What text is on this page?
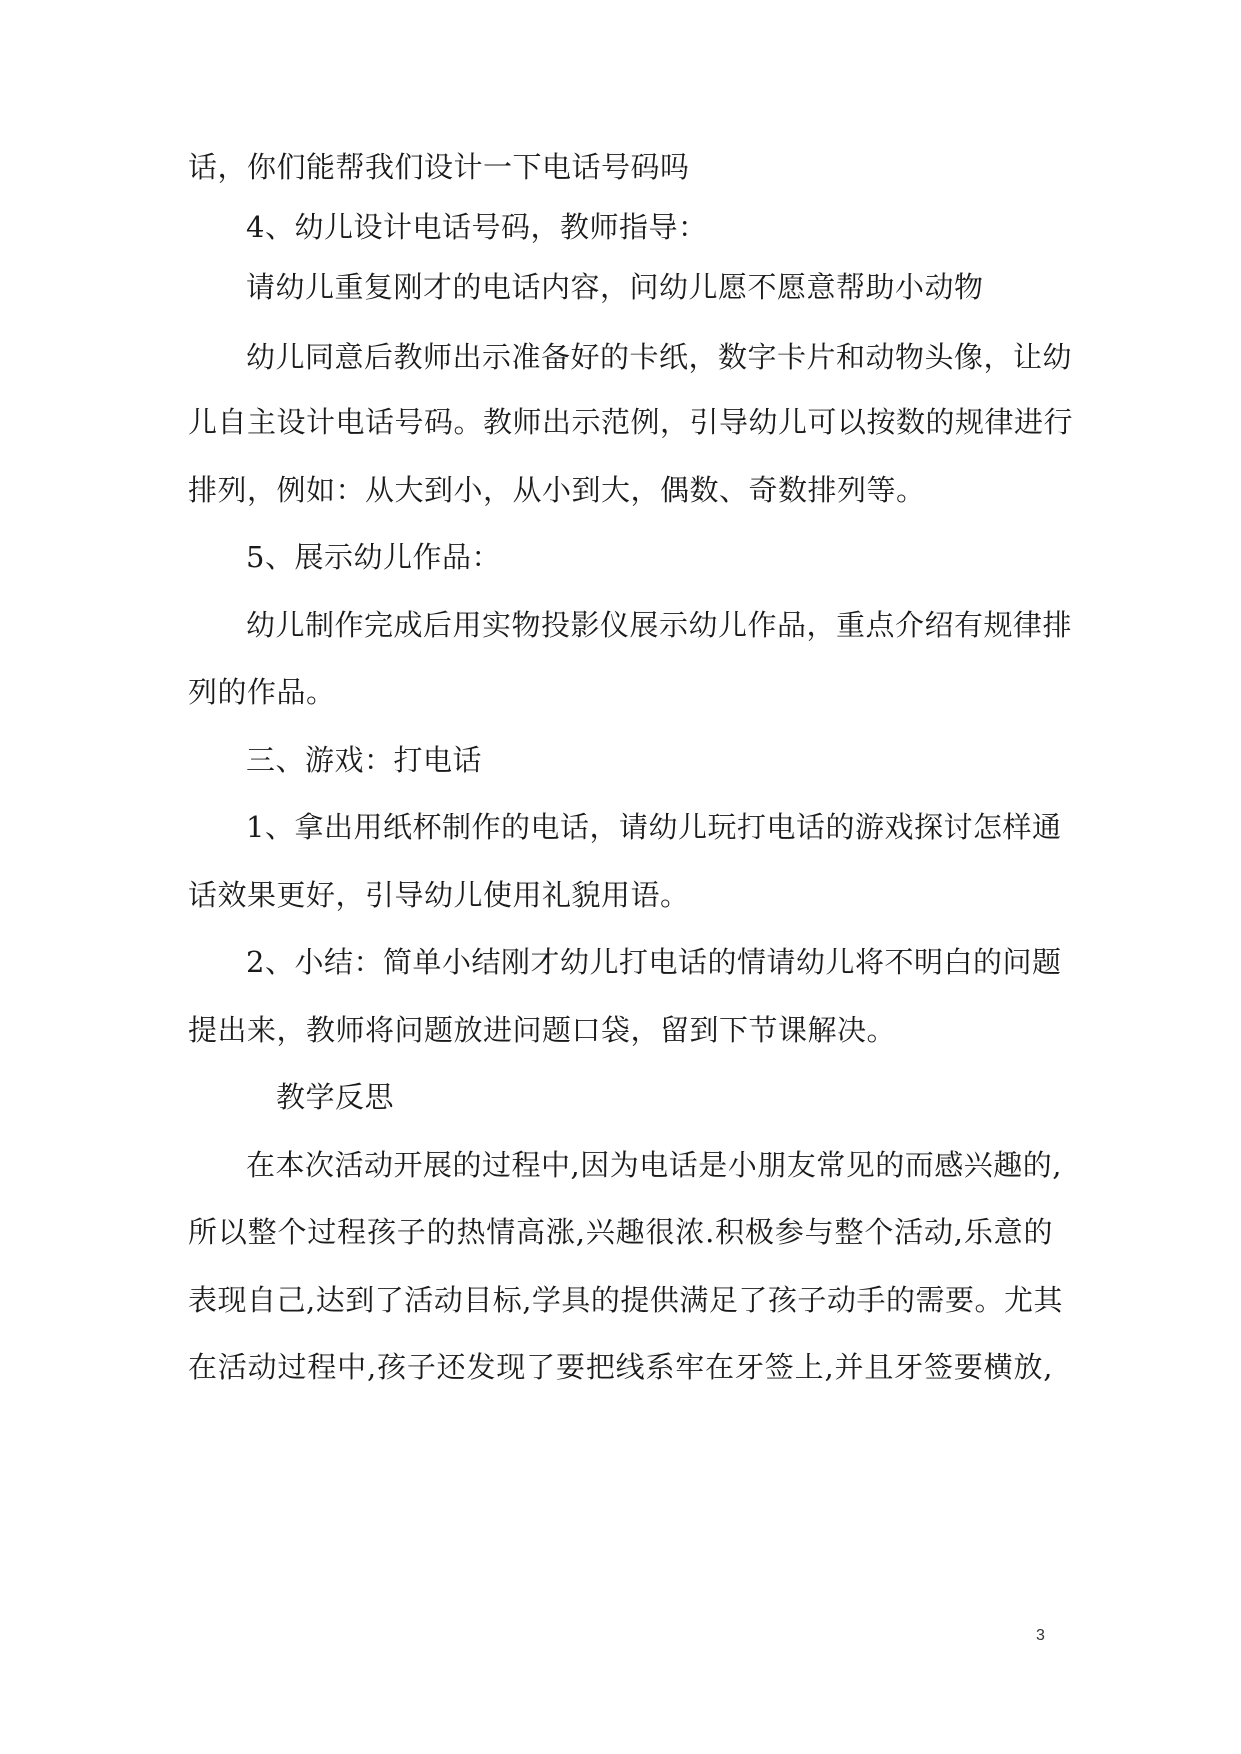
话，你们能帮我们设计一下电话号码吗
4、幼儿设计电话号码，教师指导：
请幼儿重复刚才的电话内容，问幼儿愿不愿意帮助小动物
幼儿同意后教师出示准备好的卡纸，数字卡片和动物头像，让幼
儿自主设计电话号码。教师出示范例，引导幼儿可以按数的规律进行
排列，例如：从大到小，从小到大，偶数、奇数排列等。
5、展示幼儿作品：
幼儿制作完成后用实物投影仪展示幼儿作品，重点介绍有规律排
列的作品。
三、游戏：打电话
1、拿出用纸杯制作的电话，请幼儿玩打电话的游戏探讨怎样通
话效果更好，引导幼儿使用礼貌用语。
2、小结：简单小结刚才幼儿打电话的情请幼儿将不明白的问题
提出来，教师将问题放进问题口袋，留到下节课解决。
教学反思
在本次活动开展的过程中,因为电话是小朋友常见的而感兴趣的,
所以整个过程孩子的热情高涨,兴趣很浓.积极参与整个活动,乐意的
表现自己,达到了活动目标,学具的提供满足了孩子动手的需要。尤其
在活动过程中,孩子还发现了要把线系牢在牙签上,并且牙签要横放,
3
